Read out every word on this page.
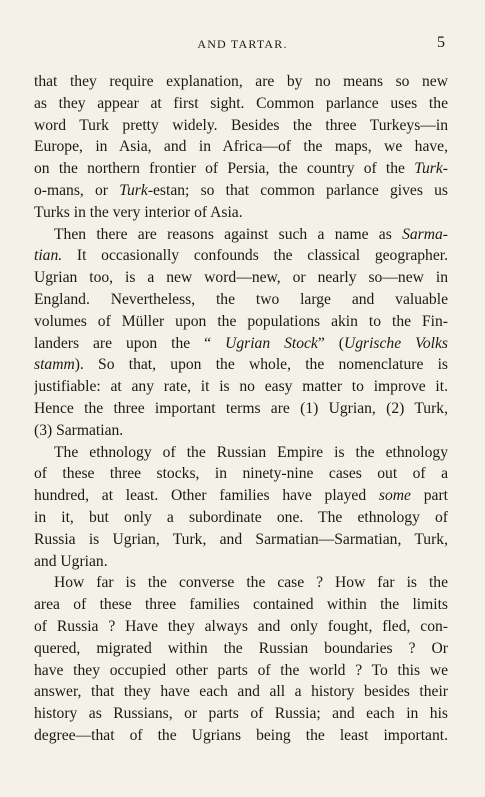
AND TARTAR.	5
that they require explanation, are by no means so new
as they appear at first sight. Common parlance uses the
word Turk pretty widely. Besides the three Turkeys—in
Europe, in Asia, and in Africa—of the maps, we have,
on the northern frontier of Persia, the country of the Turk-
o-mans, or Turk-estan; so that common parlance gives us
Turks in the very interior of Asia.
Then there are reasons against such a name as Sarma-
tian. It occasionally confounds the classical geographer.
Ugrian too, is a new word—new, or nearly so—new in
England. Nevertheless, the two large and valuable
volumes of Müller upon the populations akin to the Fin-
landers are upon the “ Ugrian Stock” (Ugrische Volks
stamm). So that, upon the whole, the nomenclature is
justifiable: at any rate, it is no easy matter to improve it.
Hence the three important terms are (1) Ugrian, (2) Turk,
(3) Sarmatian.
The ethnology of the Russian Empire is the ethnology
of these three stocks, in ninety-nine cases out of a
hundred, at least. Other families have played some part
in it, but only a subordinate one. The ethnology of
Russia is Ugrian, Turk, and Sarmatian—Sarmatian, Turk,
and Ugrian.
How far is the converse the case ? How far is the
area of these three families contained within the limits
of Russia ? Have they always and only fought, fled, con-
quered, migrated within the Russian boundaries ? Or
have they occupied other parts of the world ? To this we
answer, that they have each and all a history besides their
history as Russians, or parts of Russia; and each in his
degree—that of the Ugrians being the least important.
